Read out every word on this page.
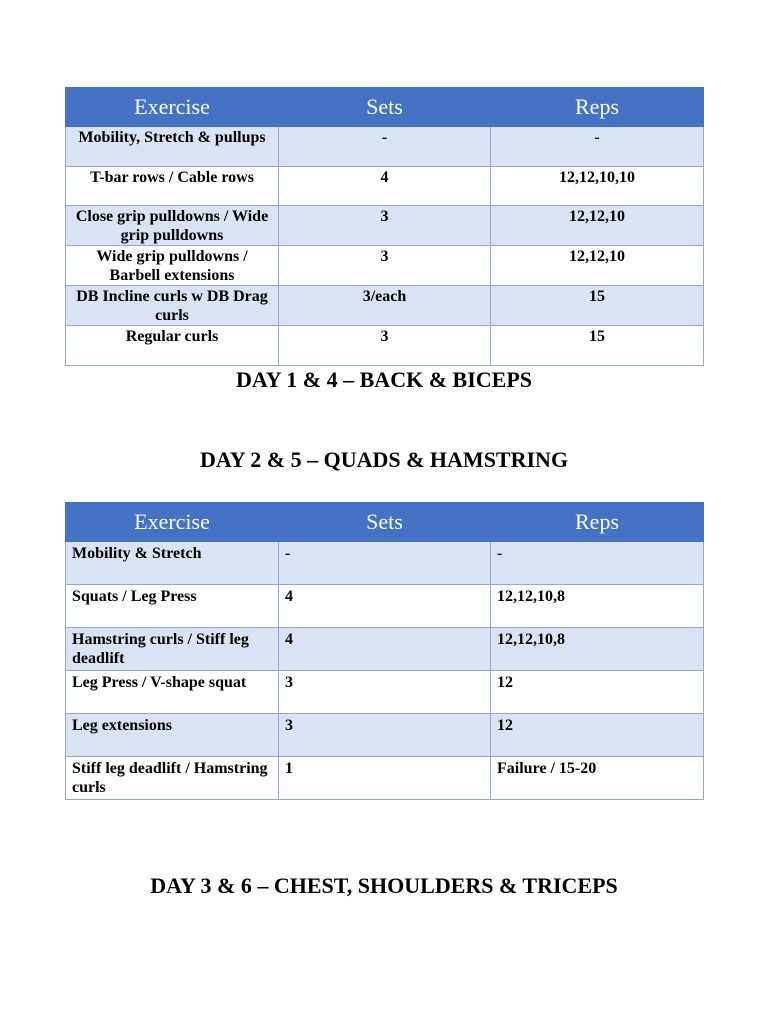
Exercise	Sets	Reps
Mobility, Stretch & pullups	-	-
T-bar rows / Cable rows	4	12,12,10,10
Close grip pulldowns / Wide grip pulldowns	3	12,12,10
Wide grip pulldowns / Barbell extensions	3	12,12,10
DB Incline curls w DB Drag curls	3/each	15
Regular curls	3	15

DAY 1 & 4 – BACK & BICEPS

DAY 2 & 5 – QUADS & HAMSTRING

Exercise	Sets	Reps
Mobility & Stretch	-	-
Squats / Leg Press	4	12,12,10,8
Hamstring curls / Stiff leg deadlift	4	12,12,10,8
Leg Press / V-shape squat	3	12
Leg extensions	3	12
Stiff leg deadlift / Hamstring curls	1	Failure / 15-20

DAY 3 & 6 – CHEST, SHOULDERS & TRICEPS
